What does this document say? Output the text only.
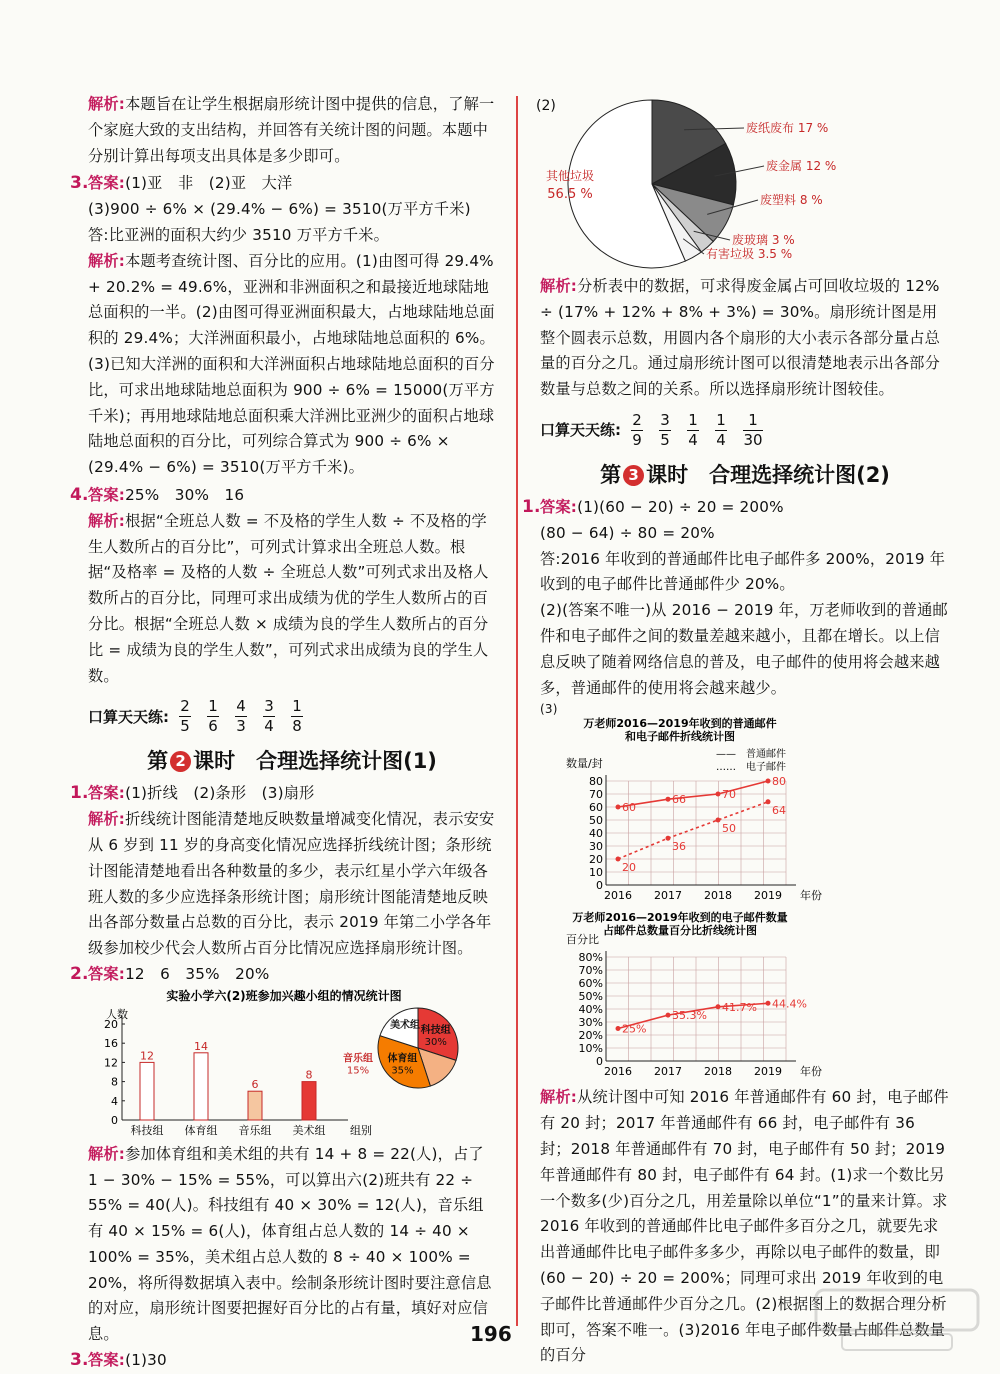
解析:本题旨在让学生根据扇形统计图中提供的信息，了解一个家庭大致的支出结构，并回答有关统计图的问题。本题中分别计算出每项支出具体是多少即可。

3.答案:(1)亚　非　(2)亚　大洋

(3)900 ÷ 6% × (29.4% − 6%) = 3510(万平方千米)

答:比亚洲的面积大约少 3510 万平方千米。

解析:本题考查统计图、百分比的应用。(1)由图可得 29.4% + 20.2% = 49.6%，亚洲和非洲面积之和最接近地球陆地总面积的一半。(2)由图可得亚洲面积最大，占地球陆地总面积的 29.4%；大洋洲面积最小，占地球陆地总面积的 6%。(3)已知大洋洲的面积和大洋洲面积占地球陆地总面积的百分比，可求出地球陆地总面积为 900 ÷ 6% = 15000(万平方千米)；再用地球陆地总面积乘大洋洲比亚洲少的面积占地球陆地总面积的百分比，可列综合算式为 900 ÷ 6% × (29.4% − 6%) = 3510(万平方千米)。

4.答案:25%　30%　16

解析:根据“全班总人数 = 不及格的学生人数 ÷ 不及格的学生人数所占的百分比”，可列式计算求出全班总人数。根据“及格率 = 及格的人数 ÷ 全班总人数”可列式求出及格人数所占的百分比，同理可求出成绩为优的学生人数所占的百分比。根据“全班总人数 × 成绩为良的学生人数所占的百分比 = 成绩为良的学生人数”，可列式求出成绩为良的学生人数。

口算天天练: $\frac{2}{5} \frac{1}{6} \frac{4}{3} \frac{3}{4} \frac{1}{8}$
第 2 课时　合理选择统计图(1)

1.答案:(1)折线　(2)条形　(3)扇形

解析:折线统计图能清楚地反映数量增减变化情况，表示安安从 6 岁到 11 岁的身高变化情况应选择折线统计图；条形统计图能清楚地看出各种数量的多少，表示红星小学六年级各班人数的多少应选择条形统计图；扇形统计图能清楚地反映出各部分数量占总数的百分比，表示 2019 年第二小学各年级参加校少代会人数所占百分比情况应选择扇形统计图。

2.答案:12　6　35%　20%

实验小学六(2)班参加兴趣小组的情况统计图
人数
0
4
8
12
16
20
12
科技组
14
体育组
6
音乐组
8
美术组 组别
科技组
30%
音乐组
15%
体育组
35%
美术组

解析:参加体育组和美术组的共有 14 + 8 = 22(人)，占了 1 − 30% − 15% = 55%，可以算出六(2)班共有 22 ÷ 55% = 40(人)。科技组有 40 × 30% = 12(人)，音乐组有 40 × 15% = 6(人)，体育组占总人数的 14 ÷ 40 × 100% = 35%，美术组占总人数的 8 ÷ 40 × 100% = 20%，将所得数据填入表中。绘制条形统计图时要注意信息的对应，扇形统计图要把握好百分比的占有量，填好对应信息。

3.答案:(1)30

(2)
废纸废布 17 %
废金属 12 %
废塑料 8 %
废玻璃 3 %
有害垃圾 3.5 %
其他垃圾
56.5 %

解析:分析表中的数据，可求得废金属占可回收垃圾的 12% ÷ (17% + 12% + 8% + 3%) = 30%。扇形统计图是用整个圆表示总数，用圆内各个扇形的大小表示各部分量占总量的百分之几。通过扇形统计图可以很清楚地表示出各部分数量与总数之间的关系。所以选择扇形统计图较佳。

口算天天练: $\frac{2}{9} \frac{3}{5} \frac{1}{4} \frac{1}{4} \frac{1}{30}$
第 3 课时　合理选择统计图(2)

1.答案:(1)(60 − 20) ÷ 20 = 200%

(80 − 64) ÷ 80 = 20%

答:2016 年收到的普通邮件比电子邮件多 200%，2019 年收到的电子邮件比普通邮件少 20%。

(2)(答案不唯一)从 2016 − 2019 年，万老师收到的普通邮件和电子邮件之间的数量差越来越小，且都在增长。以上信息反映了随着网络信息的普及，电子邮件的使用将会越来越多，普通邮件的使用将会越来越少。

(3)

万老师2016—2019年收到的普通邮件
和电子邮件折线统计图
数量/封
0
10
20
30
40
50
60
70
80
2016 2017 2018 2019 年份
60
66	70
80
20
36
50
64
—— 普通邮件
…… 电子邮件

万老师2016—2019年收到的电子邮件数量
占邮件总数量百分比折线统计图
百分比
0
10%
20%
30%
40%
50%
60%
70%
80%
2016 2017 2018 2019 年份
25%
35.3%
41.7% 44.4%

解析:从统计图中可知 2016 年普通邮件有 60 封，电子邮件有 20 封；2017 年普通邮件有 66 封，电子邮件有 36 封；2018 年普通邮件有 70 封，电子邮件有 50 封；2019 年普通邮件有 80 封，电子邮件有 64 封。(1)求一个数比另一个数多(少)百分之几，用差量除以单位“1”的量来计算。求 2016 年收到的普通邮件比电子邮件多百分之几，就要先求出普通邮件比电子邮件多多少，再除以电子邮件的数量，即(60 − 20) ÷ 20 = 200%；同理可求出 2019 年收到的电子邮件比普通邮件少百分之几。(2)根据图上的数据合理分析即可，答案不唯一。(3)2016 年电子邮件数量占邮件总数量的百分

196
